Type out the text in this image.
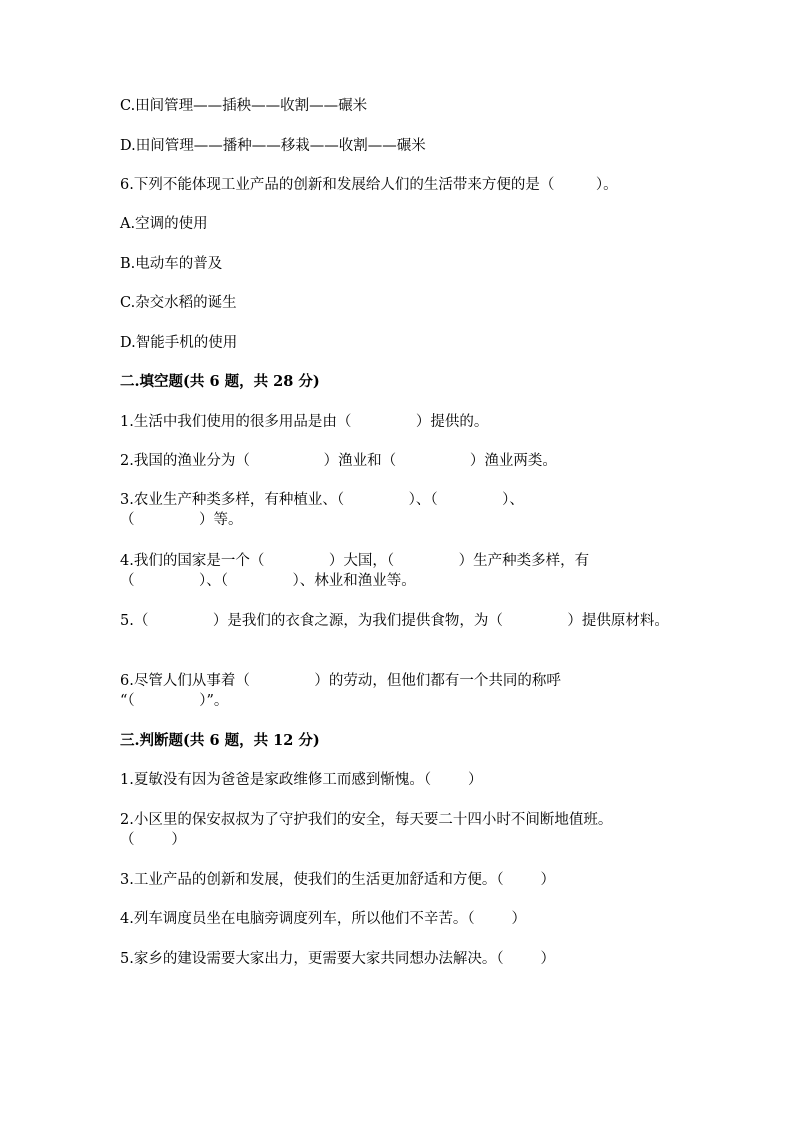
C.田间管理——插秧——收割——碾米
D.田间管理——播种——移栽——收割——碾米
6.下列不能体现工业产品的创新和发展给人们的生活带来方便的是（         ）。
A.空调的使用
B.电动车的普及
C.杂交水稻的诞生
D.智能手机的使用
二.填空题(共 6 题，共 28 分)
1.生活中我们使用的很多用品是由（              ）提供的。
2.我国的渔业分为（                ）渔业和（                ）渔业两类。
3.农业生产种类多样，有种植业、（              ）、（              ）、
（              ）等。
4.我们的国家是一个（              ）大国，（              ）生产种类多样，有
（              ）、（              ）、林业和渔业等。
5.（              ）是我们的衣食之源，为我们提供食物，为（              ）提供原材料。
6.尽管人们从事着（              ）的劳动，但他们都有一个共同的称呼
“（              ）”。
三.判断题(共 6 题，共 12 分)
1.夏敏没有因为爸爸是家政维修工而感到惭愧。（        ）
2.小区里的保安叔叔为了守护我们的安全，每天要二十四小时不间断地值班。
（        ）
3.工业产品的创新和发展，使我们的生活更加舒适和方便。（        ）
4.列车调度员坐在电脑旁调度列车，所以他们不辛苦。（        ）
5.家乡的建设需要大家出力，更需要大家共同想办法解决。（        ）
